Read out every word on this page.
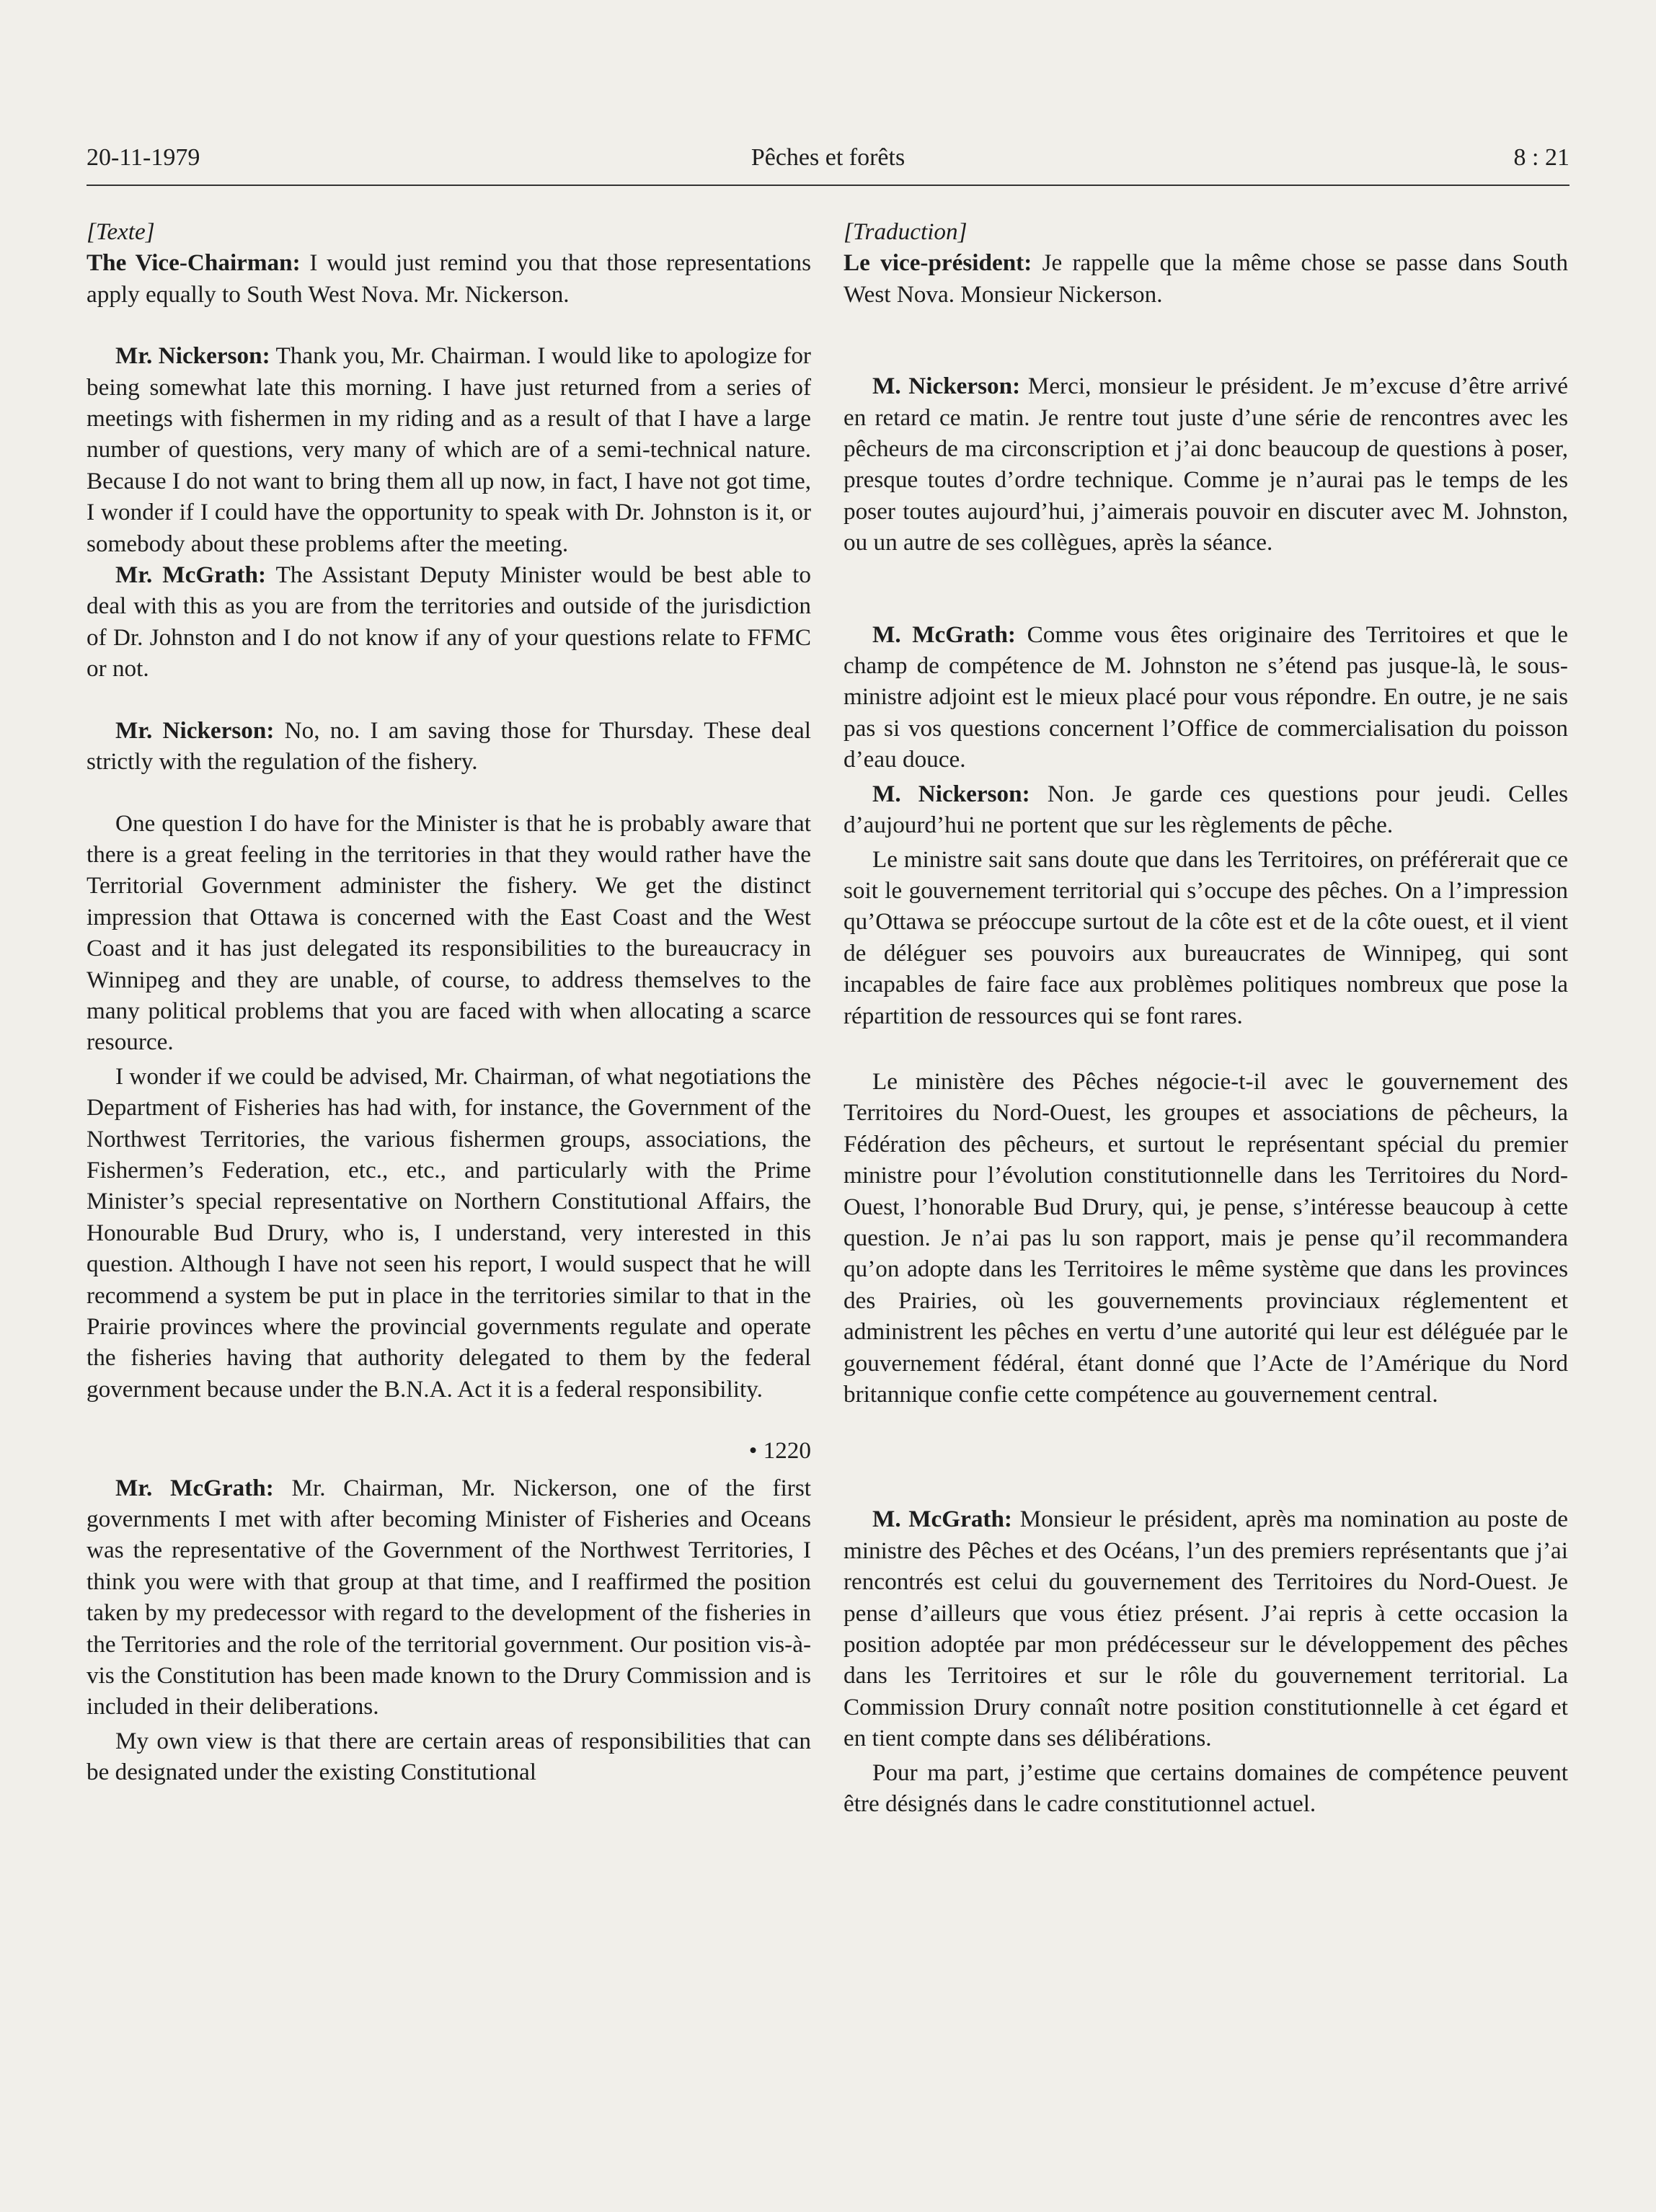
20-11-1979	Pêches et forêts	8 : 21

[Texte]

The Vice-Chairman: I would just remind you that those representations apply equally to South West Nova. Mr. Nickerson.

Mr. Nickerson: Thank you, Mr. Chairman. I would like to apologize for being somewhat late this morning. I have just returned from a series of meetings with fishermen in my riding and as a result of that I have a large number of questions, very many of which are of a semi-technical nature. Because I do not want to bring them all up now, in fact, I have not got time, I wonder if I could have the opportunity to speak with Dr. Johnston is it, or somebody about these problems after the meeting.

Mr. McGrath: The Assistant Deputy Minister would be best able to deal with this as you are from the territories and outside of the jurisdiction of Dr. Johnston and I do not know if any of your questions relate to FFMC or not.

Mr. Nickerson: No, no. I am saving those for Thursday. These deal strictly with the regulation of the fishery.

One question I do have for the Minister is that he is probably aware that there is a great feeling in the territories in that they would rather have the Territorial Government administer the fishery. We get the distinct impression that Ottawa is concerned with the East Coast and the West Coast and it has just delegated its responsibilities to the bureaucracy in Winnipeg and they are unable, of course, to address themselves to the many political problems that you are faced with when allocating a scarce resource.

I wonder if we could be advised, Mr. Chairman, of what negotiations the Department of Fisheries has had with, for instance, the Government of the Northwest Territories, the various fishermen groups, associations, the Fishermen’s Federation, etc., etc., and particularly with the Prime Minister’s special representative on Northern Constitutional Affairs, the Honourable Bud Drury, who is, I understand, very interested in this question. Although I have not seen his report, I would suspect that he will recommend a system be put in place in the territories similar to that in the Prairie provinces where the provincial governments regulate and operate the fisheries having that authority delegated to them by the federal government because under the B.N.A. Act it is a federal responsibility.

• 1220

Mr. McGrath: Mr. Chairman, Mr. Nickerson, one of the first governments I met with after becoming Minister of Fisheries and Oceans was the representative of the Government of the Northwest Territories, I think you were with that group at that time, and I reaffirmed the position taken by my predecessor with regard to the development of the fisheries in the Territories and the role of the territorial government. Our position vis-à-vis the Constitution has been made known to the Drury Commission and is included in their deliberations.

My own view is that there are certain areas of responsibilities that can be designated under the existing Constitutional

[Traduction]

Le vice-président: Je rappelle que la même chose se passe dans South West Nova. Monsieur Nickerson.

M. Nickerson: Merci, monsieur le président. Je m’excuse d’être arrivé en retard ce matin. Je rentre tout juste d’une série de rencontres avec les pêcheurs de ma circonscription et j’ai donc beaucoup de questions à poser, presque toutes d’ordre technique. Comme je n’aurai pas le temps de les poser toutes aujourd’hui, j’aimerais pouvoir en discuter avec M. Johnston, ou un autre de ses collègues, après la séance.

M. McGrath: Comme vous êtes originaire des Territoires et que le champ de compétence de M. Johnston ne s’étend pas jusque-là, le sous-ministre adjoint est le mieux placé pour vous répondre. En outre, je ne sais pas si vos questions concernent l’Office de commercialisation du poisson d’eau douce.

M. Nickerson: Non. Je garde ces questions pour jeudi. Celles d’aujourd’hui ne portent que sur les règlements de pêche.

Le ministre sait sans doute que dans les Territoires, on préférerait que ce soit le gouvernement territorial qui s’occupe des pêches. On a l’impression qu’Ottawa se préoccupe surtout de la côte est et de la côte ouest, et il vient de déléguer ses pouvoirs aux bureaucrates de Winnipeg, qui sont incapables de faire face aux problèmes politiques nombreux que pose la répartition de ressources qui se font rares.

Le ministère des Pêches négocie-t-il avec le gouvernement des Territoires du Nord-Ouest, les groupes et associations de pêcheurs, la Fédération des pêcheurs, et surtout le représentant spécial du premier ministre pour l’évolution constitutionnelle dans les Territoires du Nord-Ouest, l’honorable Bud Drury, qui, je pense, s’intéresse beaucoup à cette question. Je n’ai pas lu son rapport, mais je pense qu’il recommandera qu’on adopte dans les Territoires le même système que dans les provinces des Prairies, où les gouvernements provinciaux réglementent et administrent les pêches en vertu d’une autorité qui leur est déléguée par le gouvernement fédéral, étant donné que l’Acte de l’Amérique du Nord britannique confie cette compétence au gouvernement central.

M. McGrath: Monsieur le président, après ma nomination au poste de ministre des Pêches et des Océans, l’un des premiers représentants que j’ai rencontrés est celui du gouvernement des Territoires du Nord-Ouest. Je pense d’ailleurs que vous étiez présent. J’ai repris à cette occasion la position adoptée par mon prédécesseur sur le développement des pêches dans les Territoires et sur le rôle du gouvernement territorial. La Commission Drury connaît notre position constitutionnelle à cet égard et en tient compte dans ses délibérations.

Pour ma part, j’estime que certains domaines de compétence peuvent être désignés dans le cadre constitutionnel actuel.
